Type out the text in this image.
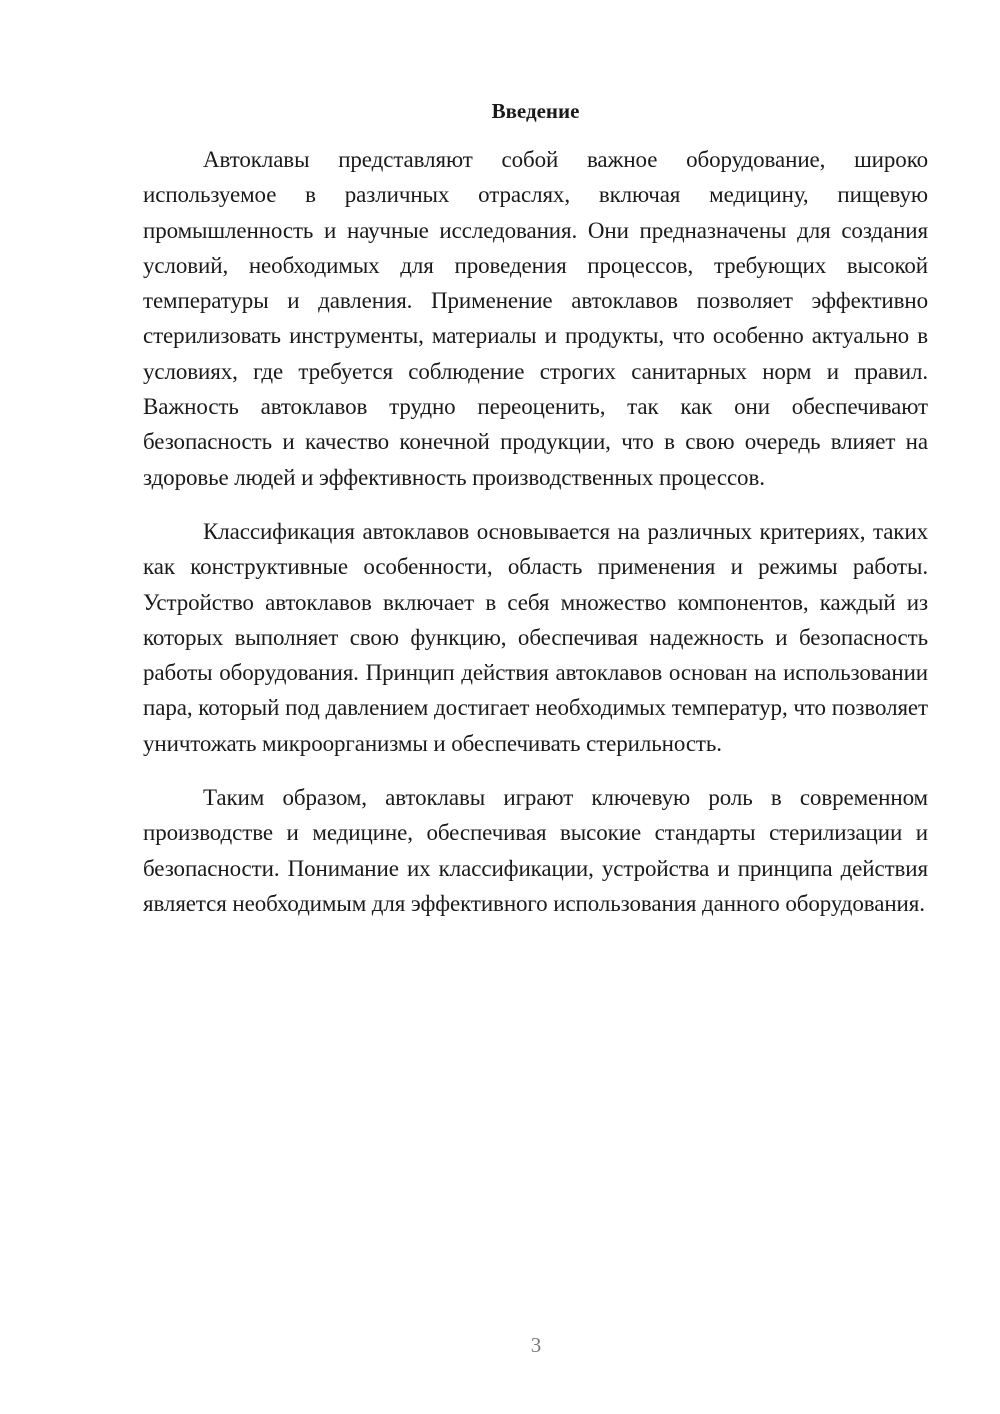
Введение

Автоклавы представляют собой важное оборудование, широко используемое в различных отраслях, включая медицину, пищевую промышленность и научные исследования. Они предназначены для создания условий, необходимых для проведения процессов, требующих высокой температуры и давления. Применение автоклавов позволяет эффективно стерилизовать инструменты, материалы и продукты, что особенно актуально в условиях, где требуется соблюдение строгих санитарных норм и правил. Важность автоклавов трудно переоценить, так как они обеспечивают безопасность и качество конечной продукции, что в свою очередь влияет на здоровье людей и эффективность производственных процессов.

Классификация автоклавов основывается на различных критериях, таких как конструктивные особенности, область применения и режимы работы. Устройство автоклавов включает в себя множество компонентов, каждый из которых выполняет свою функцию, обеспечивая надежность и безопасность работы оборудования. Принцип действия автоклавов основан на использовании пара, который под давлением достигает необходимых температур, что позволяет уничтожать микроорганизмы и обеспечивать стерильность.

Таким образом, автоклавы играют ключевую роль в современном производстве и медицине, обеспечивая высокие стандарты стерилизации и безопасности. Понимание их классификации, устройства и принципа действия является необходимым для эффективного использования данного оборудования.

3
